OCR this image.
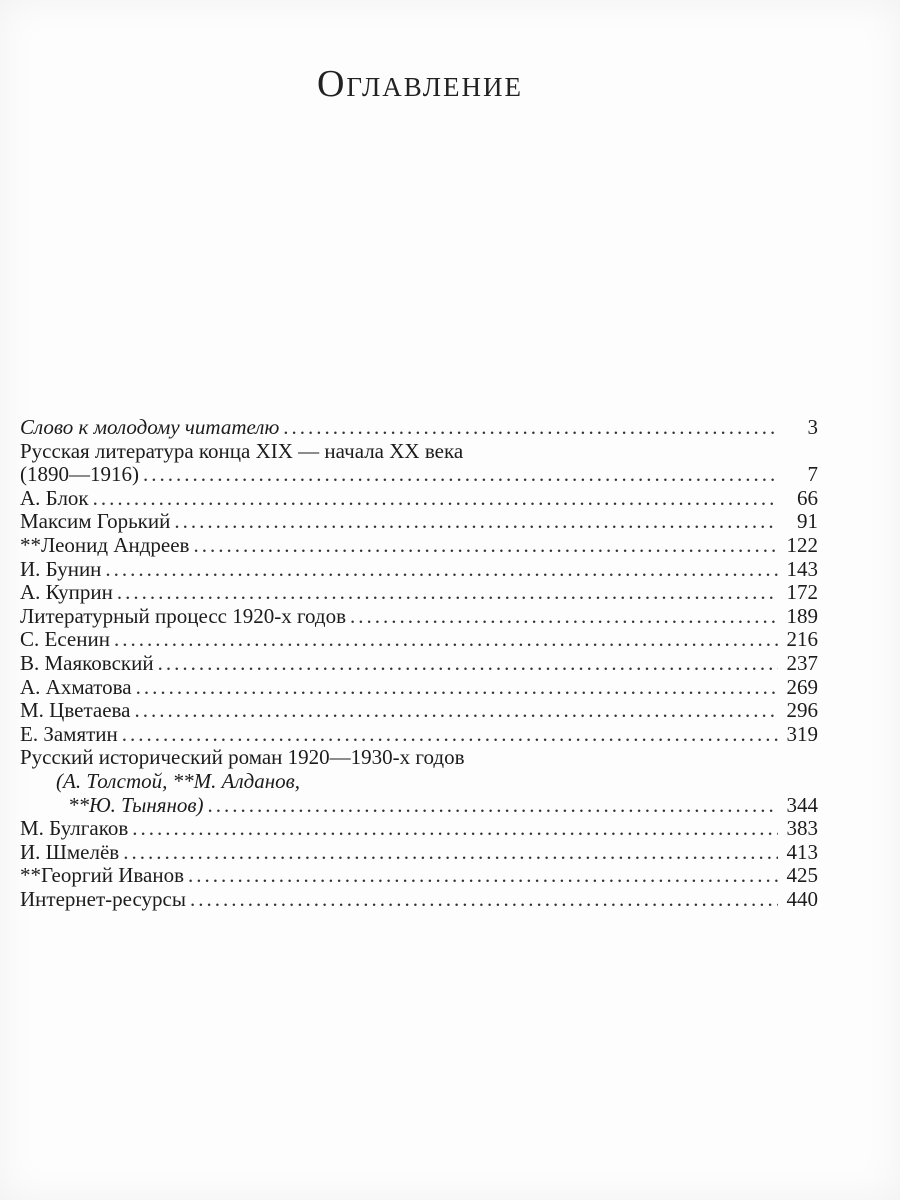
Оглавление
Слово к молодому читателю .....	3
Русская литература конца XIX — начала XX века
(1890—1916) .....	7
А. Блок .....	66
Максим Горький .....	91
**Леонид Андреев .....	122
И. Бунин .....	143
А. Куприн .....	172
Литературный процесс 1920-х годов .....	189
С. Есенин .....	216
В. Маяковский .....	237
А. Ахматова .....	269
М. Цветаева .....	296
Е. Замятин .....	319
Русский исторический роман 1920—1930-х годов
(А. Толстой, **М. Алданов,
**Ю. Тынянов) .....	344
М. Булгаков .....	383
И. Шмелёв .....	413
**Георгий Иванов .....	425
Интернет-ресурсы .....	440
